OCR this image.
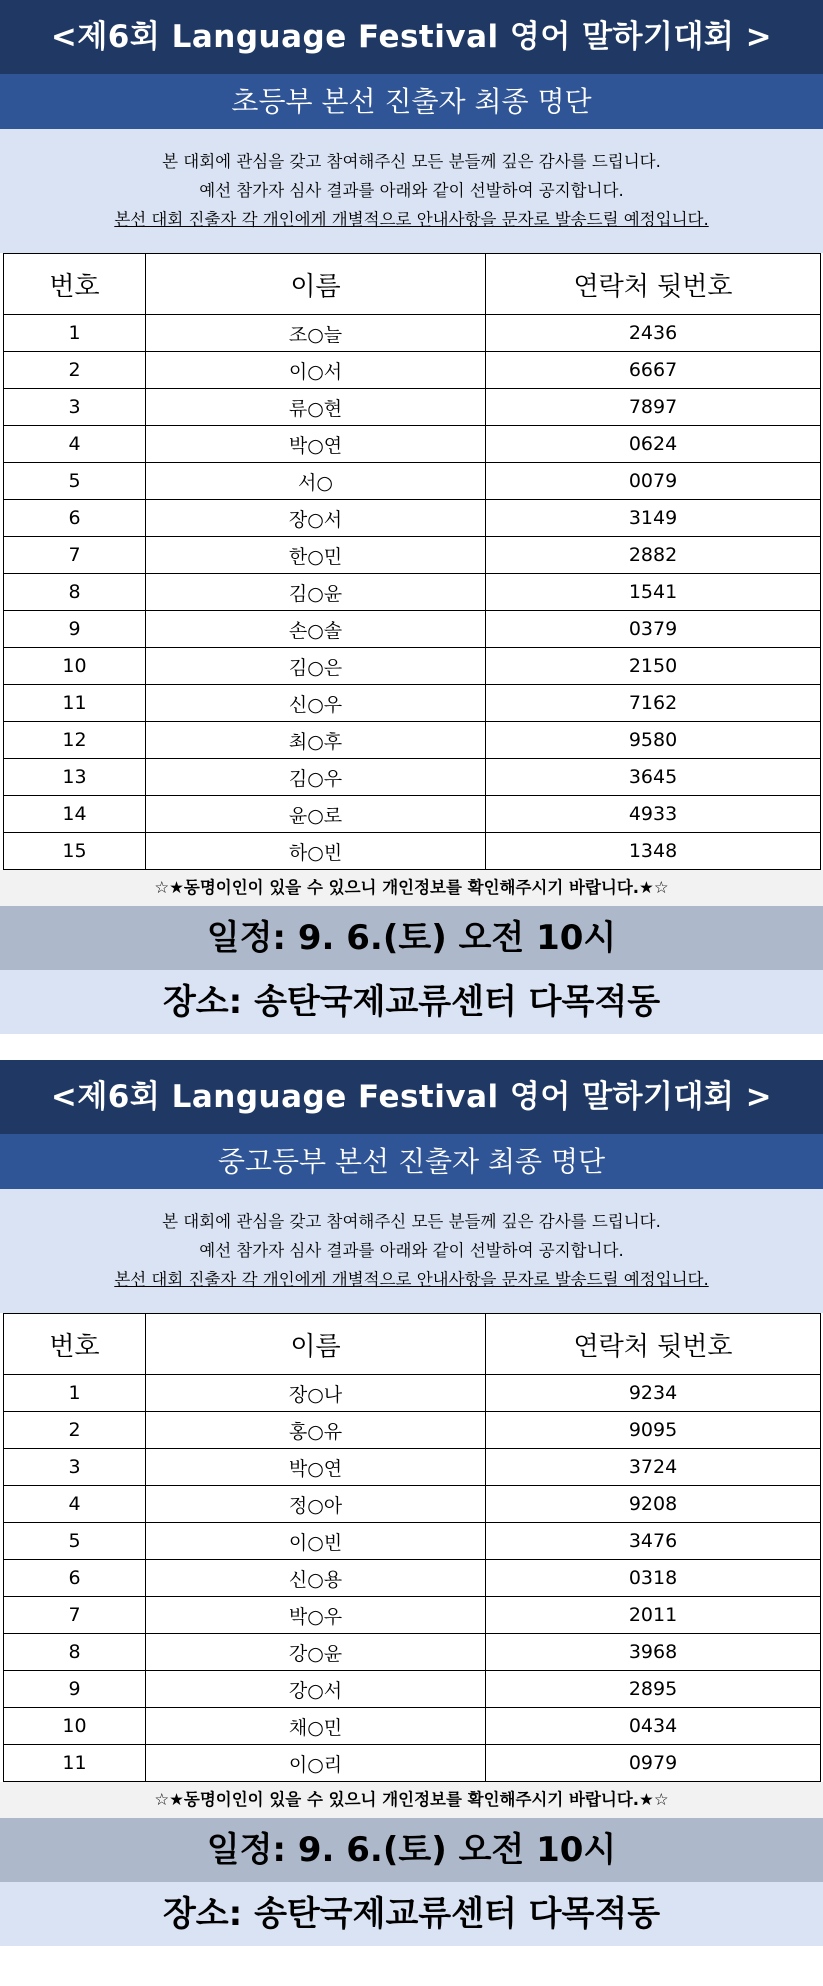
<제6회 Language Festival 영어 말하기대회 >
초등부 본선 진출자 최종 명단
본 대회에 관심을 갖고 참여해주신 모든 분들께 깊은 감사를 드립니다.
예선 참가자 심사 결과를 아래와 같이 선발하여 공지합니다.
본선 대회 진출자 각 개인에게 개별적으로 안내사항을 문자로 발송드릴 예정입니다.
번호	이름	연락처 뒷번호
1	조○늘	2436
2	이○서	6667
3	류○현	7897
4	박○연	0624
5	서○	0079
6	장○서	3149
7	한○민	2882
8	김○윤	1541
9	손○솔	0379
10	김○은	2150
11	신○우	7162
12	최○후	9580
13	김○우	3645
14	윤○로	4933
15	하○빈	1348
☆★동명이인이 있을 수 있으니 개인정보를 확인해주시기 바랍니다.★☆
일정: 9. 6.(토) 오전 10시
장소: 송탄국제교류센터 다목적동
<제6회 Language Festival 영어 말하기대회 >
중고등부 본선 진출자 최종 명단
본 대회에 관심을 갖고 참여해주신 모든 분들께 깊은 감사를 드립니다.
예선 참가자 심사 결과를 아래와 같이 선발하여 공지합니다.
본선 대회 진출자 각 개인에게 개별적으로 안내사항을 문자로 발송드릴 예정입니다.
번호	이름	연락처 뒷번호
1	장○나	9234
2	홍○유	9095
3	박○연	3724
4	정○아	9208
5	이○빈	3476
6	신○용	0318
7	박○우	2011
8	강○윤	3968
9	강○서	2895
10	채○민	0434
11	이○리	0979
☆★동명이인이 있을 수 있으니 개인정보를 확인해주시기 바랍니다.★☆
일정: 9. 6.(토) 오전 10시
장소: 송탄국제교류센터 다목적동
